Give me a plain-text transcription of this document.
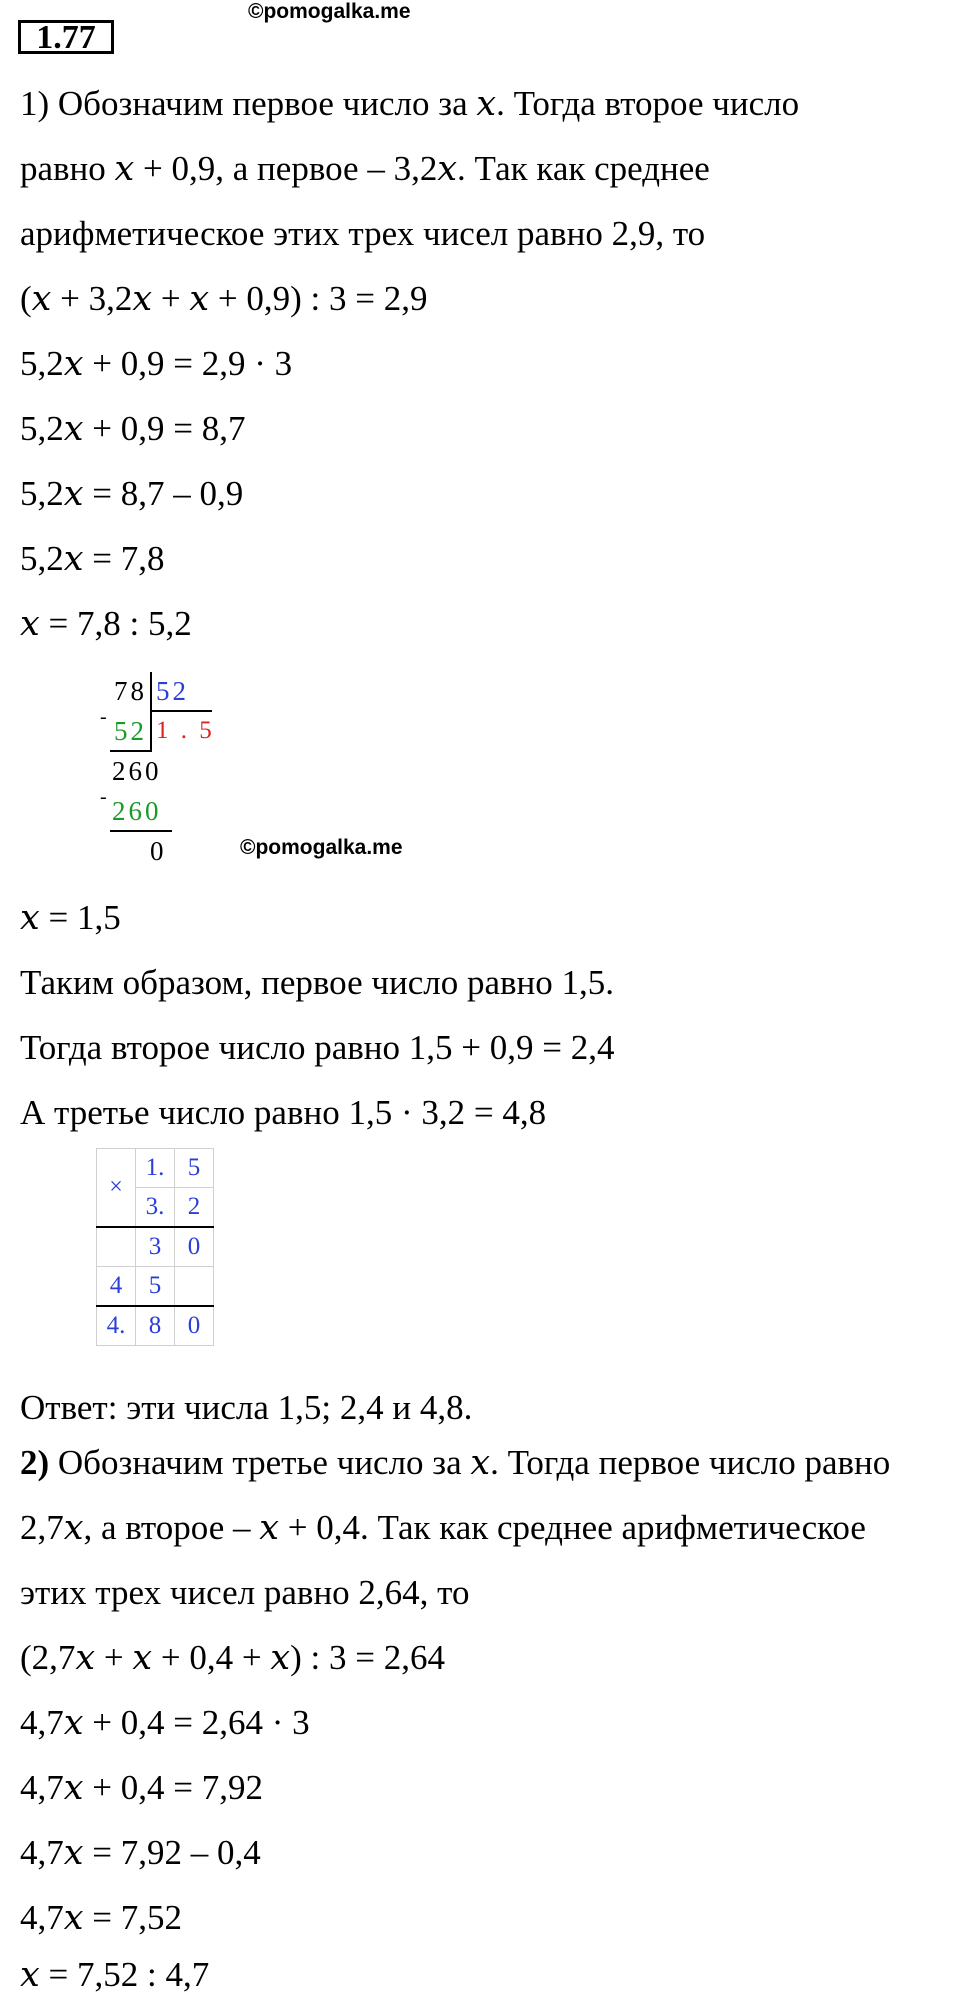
1.77
©pomogalka.me
1) Обозначим первое число за 𝑥. Тогда второе число
равно 𝑥 + 0,9, а первое – 3,2𝑥. Так как среднее
арифметическое этих трех чисел равно 2,9, то
(𝑥 + 3,2𝑥 + 𝑥 + 0,9) : 3 = 2,9
5,2𝑥 + 0,9 = 2,9 · 3
5,2𝑥 + 0,9 = 8,7
5,2𝑥 = 8,7 – 0,9
5,2𝑥 = 7,8
𝑥 = 7,8 : 5,2
78 52
- 52 1 . 5
260
- 260
0	©pomogalka.me
𝑥 = 1,5
Таким образом, первое число равно 1,5.
Тогда второе число равно 1,5 + 0,9 = 2,4
А третье число равно 1,5 · 3,2 = 4,8
×	1.	5
	3.	2
	3	0
4	5	
4.	8	0
Ответ: эти числа 1,5; 2,4 и 4,8.
2) Обозначим третье число за 𝑥. Тогда первое число равно
2,7𝑥, а второе – 𝑥 + 0,4. Так как среднее арифметическое
этих трех чисел равно 2,64, то
(2,7𝑥 + 𝑥 + 0,4 + 𝑥) : 3 = 2,64
4,7𝑥 + 0,4 = 2,64 · 3
4,7𝑥 + 0,4 = 7,92
4,7𝑥 = 7,92 – 0,4
4,7𝑥 = 7,52
𝑥 = 7,52 : 4,7
